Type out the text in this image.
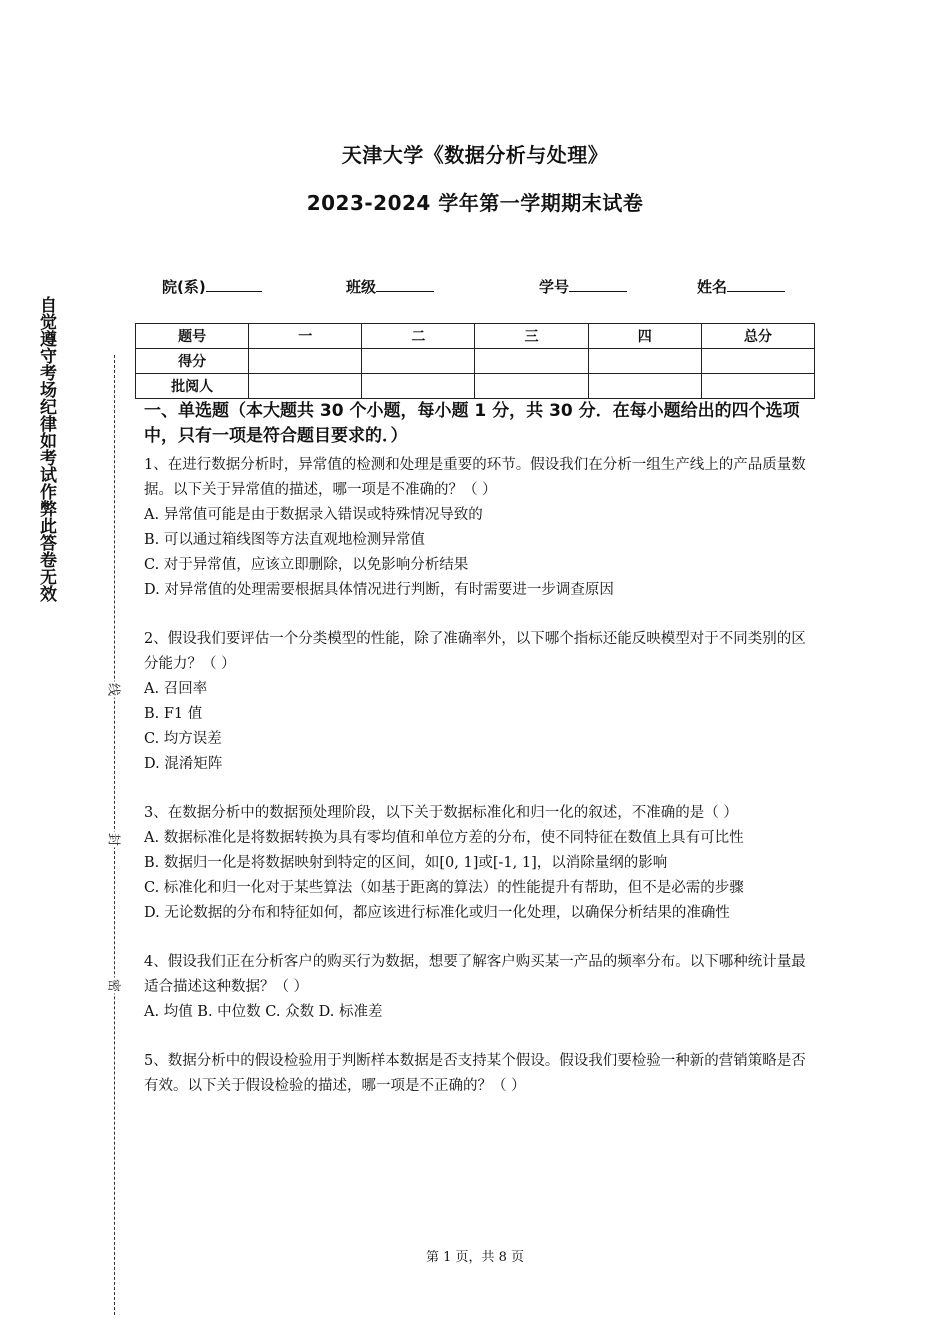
天津大学《数据分析与处理》
2023-2024 学年第一学期期末试卷
院(系)	班级	学号	姓名
题号	一	二	三	四	总分
得分					
批阅人					
自觉遵守考场纪律如考试作弊此答卷无效
线
封
密
一、单选题（本大题共 30 个小题，每小题 1 分，共 30 分．在每小题给出的四个选项中，只有一项是符合题目要求的．）
1、在进行数据分析时，异常值的检测和处理是重要的环节。假设我们在分析一组生产线上的产品质量数据。以下关于异常值的描述，哪一项是不准确的？（ ）
A. 异常值可能是由于数据录入错误或特殊情况导致的
B. 可以通过箱线图等方法直观地检测异常值
C. 对于异常值，应该立即删除，以免影响分析结果
D. 对异常值的处理需要根据具体情况进行判断，有时需要进一步调查原因
2、假设我们要评估一个分类模型的性能，除了准确率外，以下哪个指标还能反映模型对于不同类别的区分能力？（ ）
A. 召回率
B. F1 值
C. 均方误差
D. 混淆矩阵
3、在数据分析中的数据预处理阶段，以下关于数据标准化和归一化的叙述，不准确的是（ ）
A. 数据标准化是将数据转换为具有零均值和单位方差的分布，使不同特征在数值上具有可比性
B. 数据归一化是将数据映射到特定的区间，如[0, 1]或[-1, 1]，以消除量纲的影响
C. 标准化和归一化对于某些算法（如基于距离的算法）的性能提升有帮助，但不是必需的步骤
D. 无论数据的分布和特征如何，都应该进行标准化或归一化处理，以确保分析结果的准确性
4、假设我们正在分析客户的购买行为数据，想要了解客户购买某一产品的频率分布。以下哪种统计量最适合描述这种数据？（ ）
A. 均值 B. 中位数 C. 众数 D. 标准差
5、数据分析中的假设检验用于判断样本数据是否支持某个假设。假设我们要检验一种新的营销策略是否有效。以下关于假设检验的描述，哪一项是不正确的？（ ）
第 1 页，共 8 页
